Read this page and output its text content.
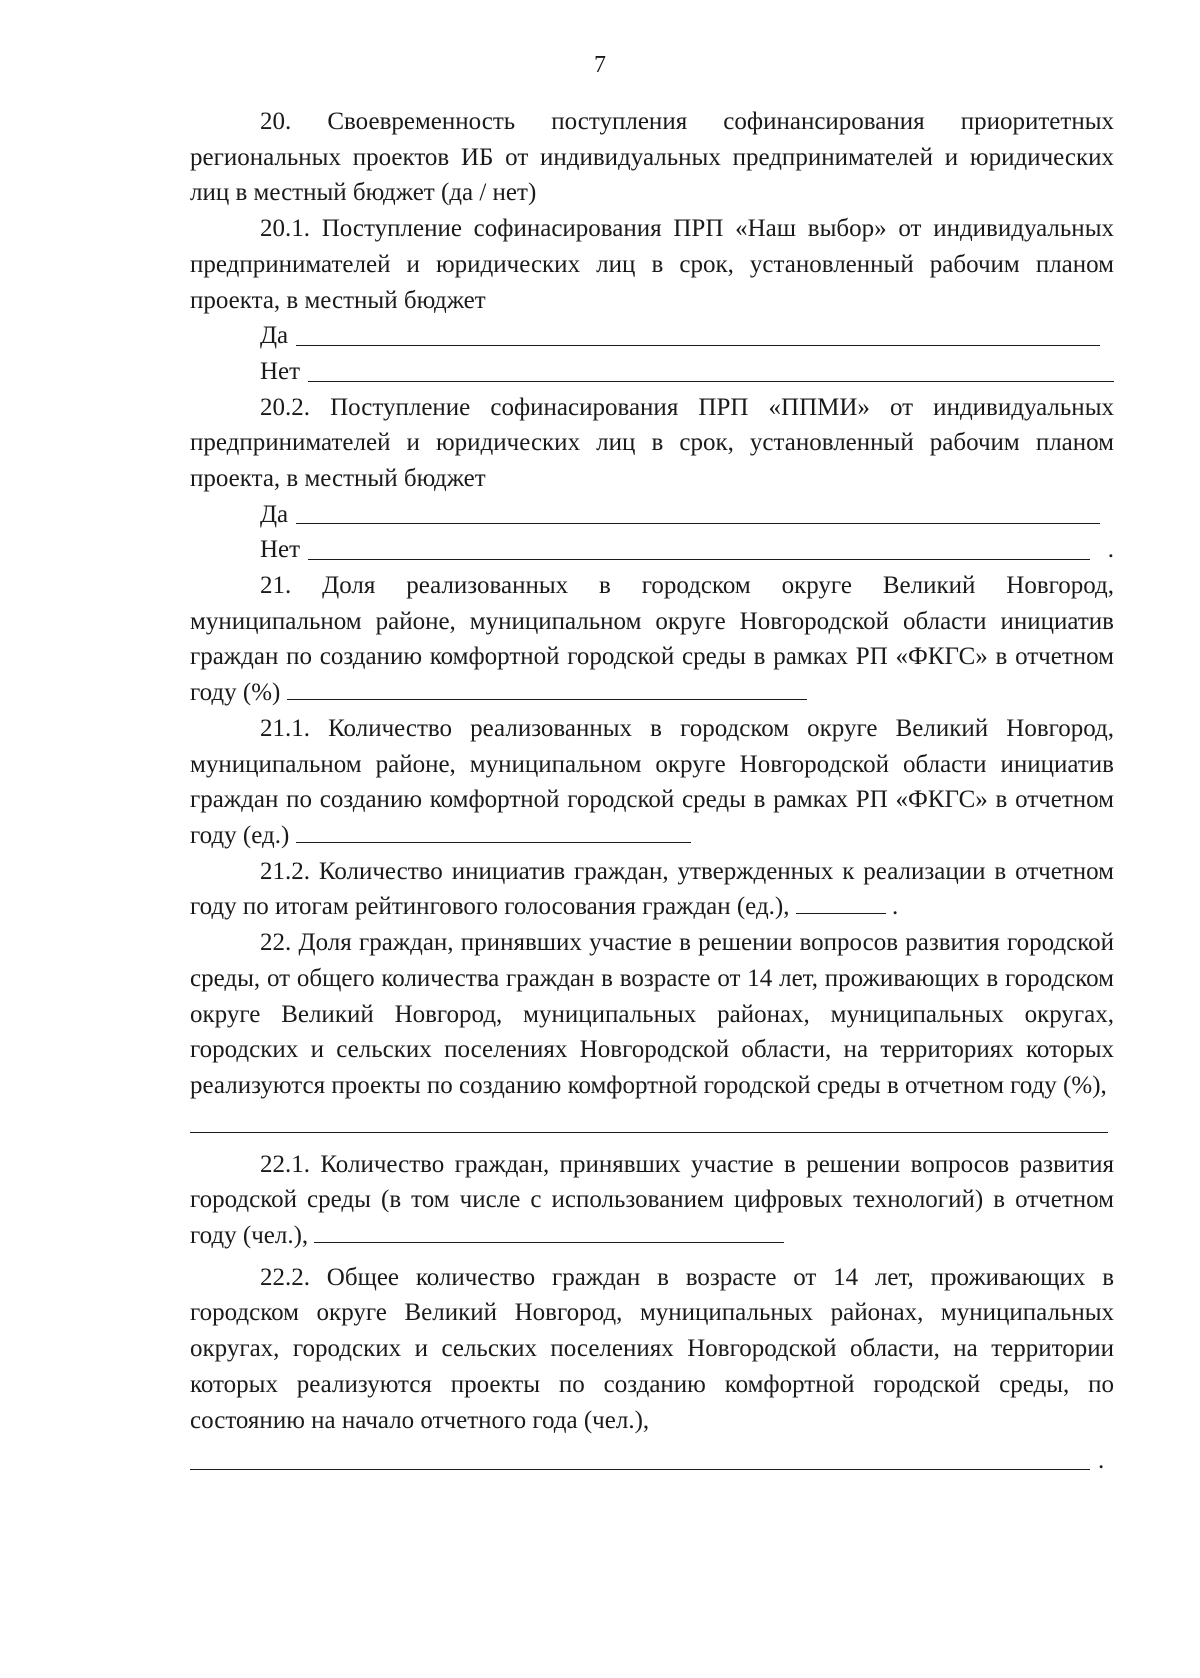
7

20. Своевременность поступления софинансирования приоритетных региональных проектов ИБ от индивидуальных предпринимателей и юридических лиц в местный бюджет (да / нет)

20.1. Поступление софинасирования ПРП «Наш выбор» от индивидуальных предпринимателей и юридических лиц в срок, установленный рабочим планом проекта, в местный бюджет

Да
Нет

20.2. Поступление софинасирования ПРП «ППМИ» от индивидуальных предпринимателей и юридических лиц в срок, установленный рабочим планом проекта, в местный бюджет

Да
Нет	.

21. Доля реализованных в городском округе Великий Новгород, муниципальном районе, муниципальном округе Новгородской области инициатив граждан по созданию комфортной городской среды в рамках РП «ФКГС» в отчетном году (%)

21.1. Количество реализованных в городском округе Великий Новгород, муниципальном районе, муниципальном округе Новгородской области инициатив граждан по созданию комфортной городской среды в рамках РП «ФКГС» в отчетном году (ед.)

21.2. Количество инициатив граждан, утвержденных к реализации в отчетном году по итогам рейтингового голосования граждан (ед.),	.

22. Доля граждан, принявших участие в решении вопросов развития городской среды, от общего количества граждан в возрасте от 14 лет, проживающих в городском округе Великий Новгород, муниципальных районах, муниципальных округах, городских и сельских поселениях Новгородской области, на территориях которых реализуются проекты по созданию комфортной городской среды в отчетном году (%),

22.1. Количество граждан, принявших участие в решении вопросов развития городской среды (в том числе с использованием цифровых технологий) в отчетном году (чел.),

22.2. Общее количество граждан в возрасте от 14 лет, проживающих в городском округе Великий Новгород, муниципальных районах, муниципальных округах, городских и сельских поселениях Новгородской области, на территории которых реализуются проекты по созданию комфортной городской среды, по состоянию на начало отчетного года (чел.),

.
